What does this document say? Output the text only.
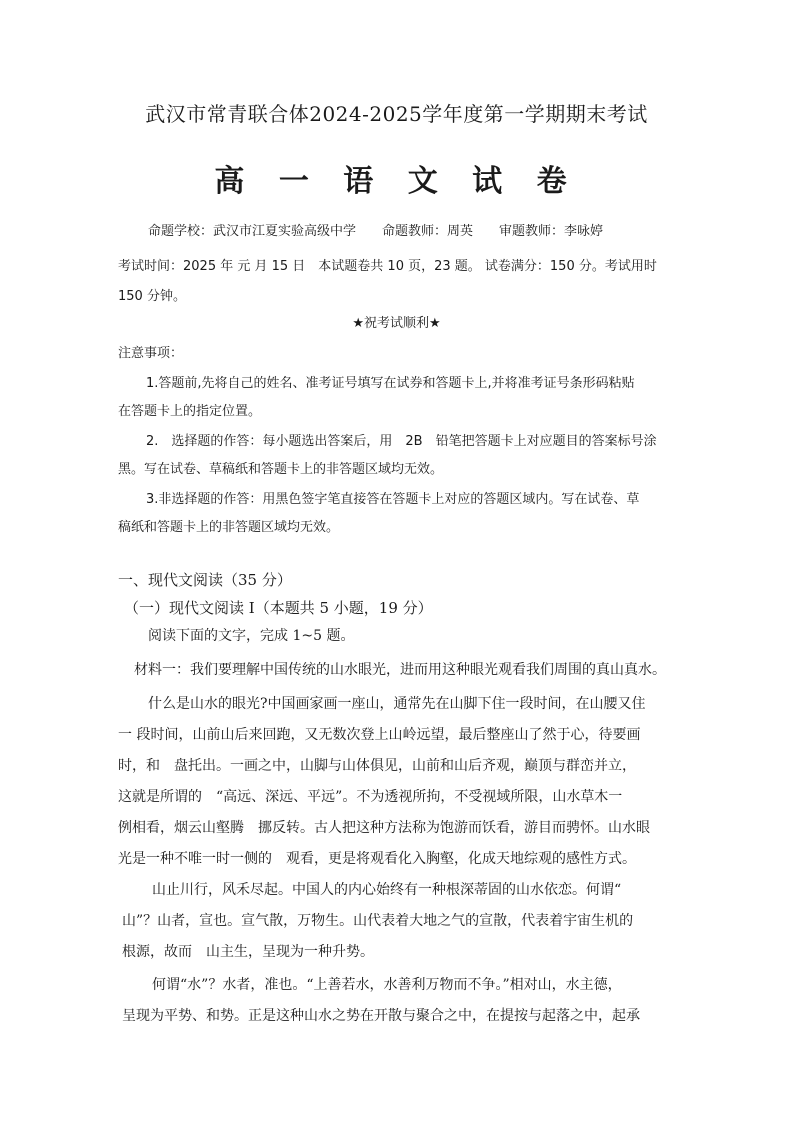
武汉市常青联合体2024-2025学年度第一学期期末考试
高 一 语 文 试 卷
命题学校：武汉市江夏实验高级中学　　命题教师：周英　　审题教师：李咏婷
考试时间：2025 年 元 月 15 日　本试题卷共 10 页，23 题。 试卷满分：150 分。考试用时
150 分钟。
★祝考试顺利★
注意事项：
1.答题前,先将自己的姓名、准考证号填写在试券和答题卡上,并将准考证号条形码粘贴
在答题卡上的指定位置。
2.　选择题的作答：每小题选出答案后，用　2B　铅笔把答题卡上对应题目的答案标号涂
黑。写在试卷、草稿纸和答题卡上的非答题区域均无效。
3.非选择题的作答：用黑色签字笔直接答在答题卡上对应的答题区域内。写在试卷、草
稿纸和答题卡上的非答题区域均无效。
一、现代文阅读（35 分）
（一）现代文阅读 I（本题共 5 小题，19 分）
阅读下面的文字，完成 1~5 题。
材料一：我们要理解中国传统的山水眼光，进而用这种眼光观看我们周围的真山真水。
什么是山水的眼光?中国画家画一座山，通常先在山脚下住一段时间，在山腰又住
一 段时间，山前山后来回跑，又无数次登上山岭远望，最后整座山了然于心，待要画
时，和　盘托出。一画之中，山脚与山体俱见，山前和山后齐观，巅顶与群峦并立，
这就是所谓的　“高远、深远、平远”。不为透视所拘，不受视域所限，山水草木一
例相看，烟云山壑腾　挪反转。古人把这种方法称为饱游而饫看，游目而骋怀。山水眼
光是一种不唯一时一侧的　观看，更是将观看化入胸壑，化成天地综观的感性方式。
山止川行，风禾尽起。中国人的内心始终有一种根深蒂固的山水依恋。何谓“
山”？山者，宣也。宣气散，万物生。山代表着大地之气的宣散，代表着宇宙生机的
根源，故而　山主生，呈现为一种升势。
何谓“水”？水者，准也。“上善若水，水善利万物而不争。”相对山，水主德，
呈现为平势、和势。正是这种山水之势在开散与聚合之中，在提按与起落之中，起承
